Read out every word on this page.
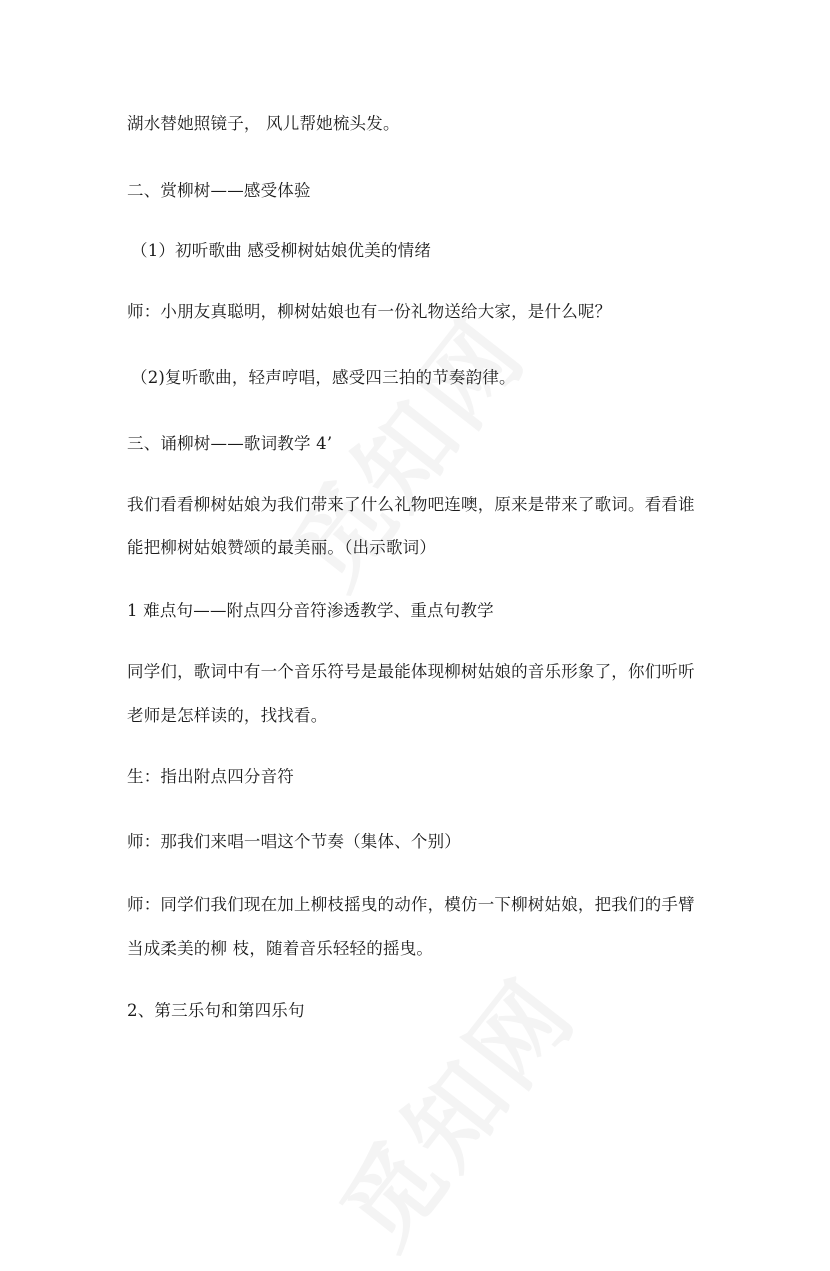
湖水替她照镜子， 风儿帮她梳头发。
二、赏柳树——感受体验
（1）初听歌曲 感受柳树姑娘优美的情绪
师：小朋友真聪明，柳树姑娘也有一份礼物送给大家，是什么呢？
（2)复听歌曲，轻声哼唱，感受四三拍的节奏韵律。
三、诵柳树——歌词教学 4’
我们看看柳树姑娘为我们带来了什么礼物吧连噢，原来是带来了歌词。看看谁
能把柳树姑娘赞颂的最美丽。（出示歌词）
1 难点句——附点四分音符渗透教学、重点句教学
同学们，歌词中有一个音乐符号是最能体现柳树姑娘的音乐形象了，你们听听
老师是怎样读的，找找看。
生：指出附点四分音符
师：那我们来唱一唱这个节奏（集体、个别）
师：同学们我们现在加上柳枝摇曳的动作，模仿一下柳树姑娘，把我们的手臂
当成柔美的柳 枝，随着音乐轻轻的摇曳。
2、第三乐句和第四乐句
